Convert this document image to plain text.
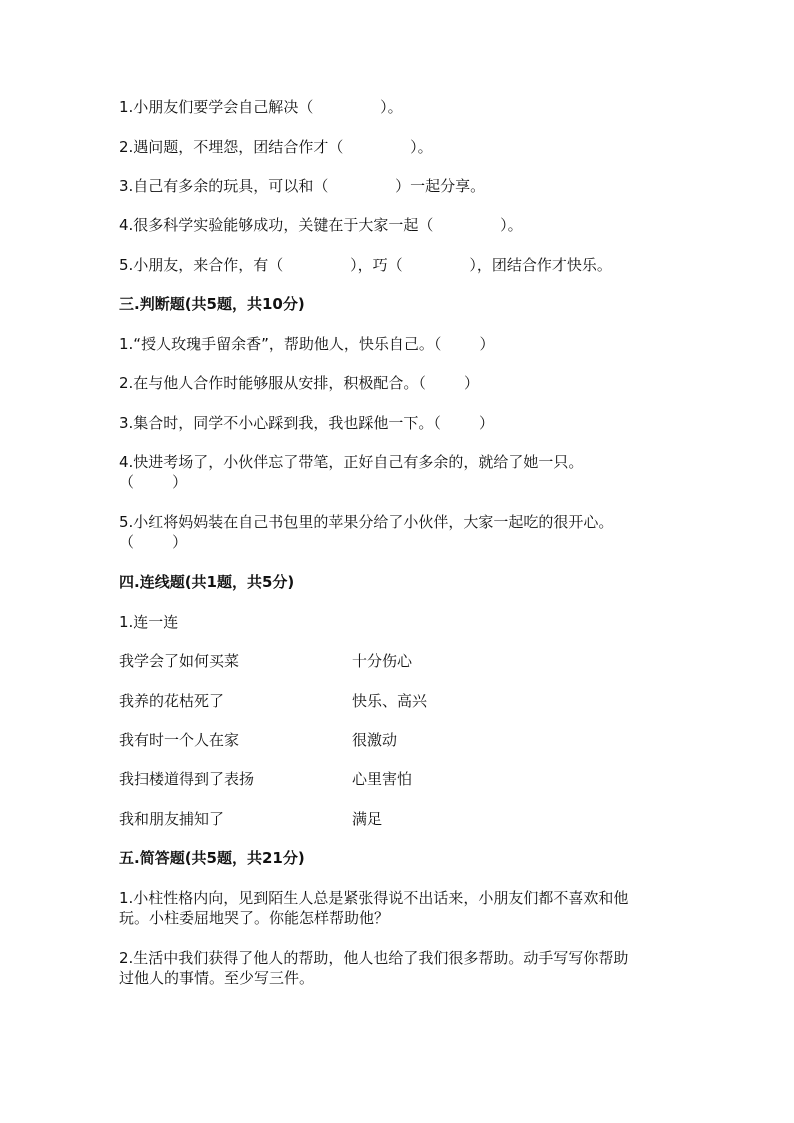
1.小朋友们要学会自己解决（              ）。
2.遇问题，不埋怨，团结合作才（              ）。
3.自己有多余的玩具，可以和（              ）一起分享。
4.很多科学实验能够成功，关键在于大家一起（              ）。
5.小朋友，来合作，有（              ），巧（              ），团结合作才快乐。
三.判断题(共5题，共10分)
1.“授人玫瑰手留余香”，帮助他人，快乐自己。（        ）
2.在与他人合作时能够服从安排，积极配合。（        ）
3.集合时，同学不小心踩到我，我也踩他一下。（        ）
4.快进考场了，小伙伴忘了带笔，正好自己有多余的，就给了她一只。
（        ）
5.小红将妈妈装在自己书包里的苹果分给了小伙伴，大家一起吃的很开心。
（        ）
四.连线题(共1题，共5分)
1.连一连
我学会了如何买菜	十分伤心
我养的花枯死了	快乐、高兴
我有时一个人在家	很激动
我扫楼道得到了表扬	心里害怕
我和朋友捕知了	满足
五.简答题(共5题，共21分)
1.小柱性格内向，见到陌生人总是紧张得说不出话来，小朋友们都不喜欢和他
玩。小柱委屈地哭了。你能怎样帮助他？
2.生活中我们获得了他人的帮助，他人也给了我们很多帮助。动手写写你帮助
过他人的事情。至少写三件。
